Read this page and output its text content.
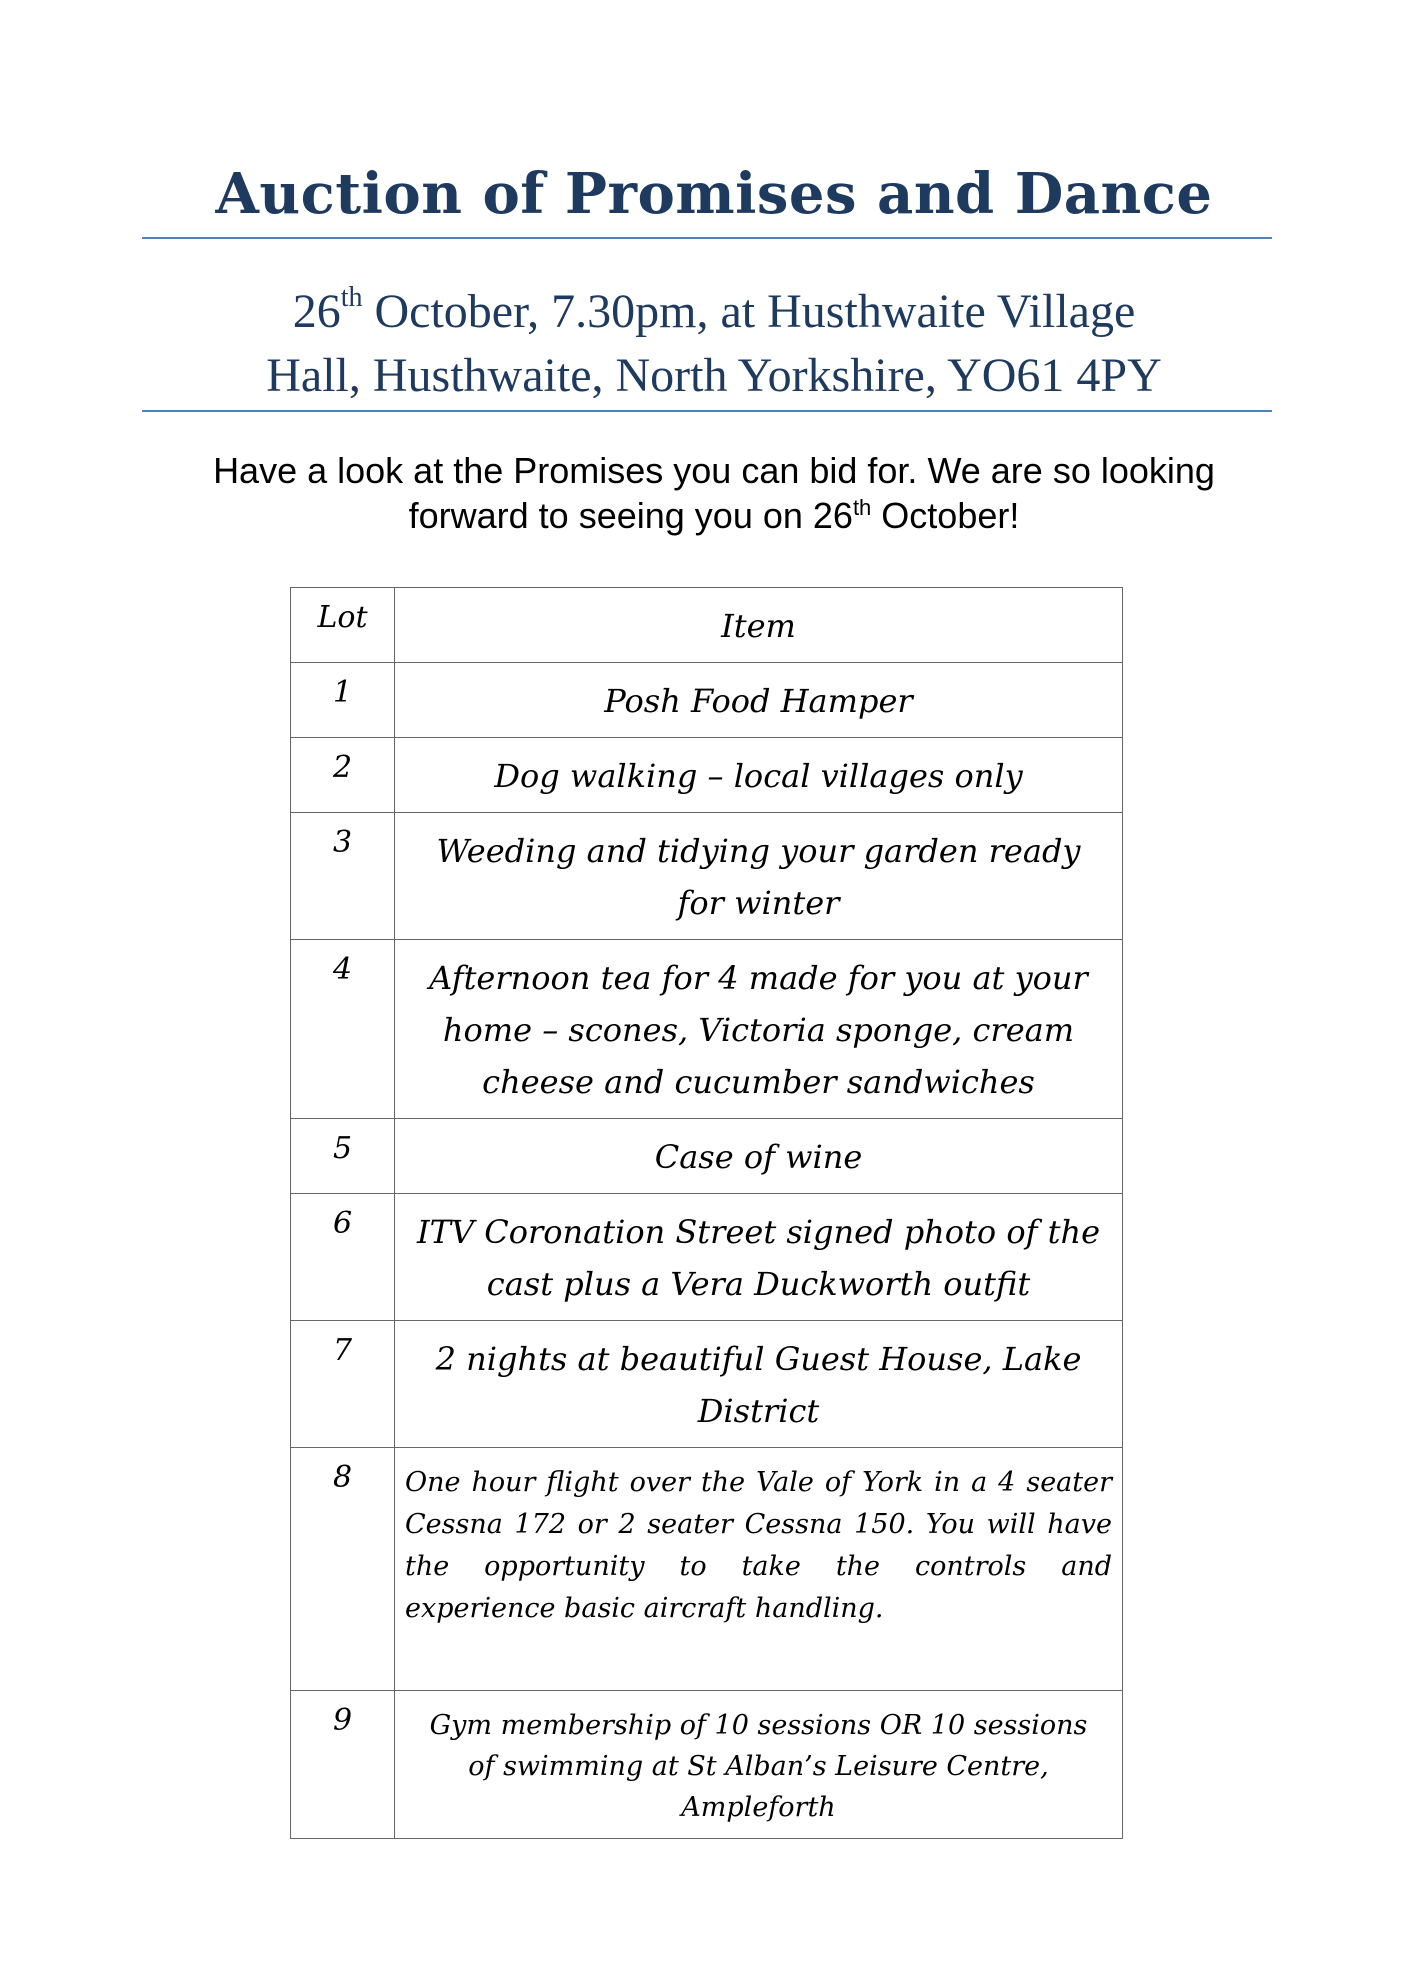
Auction of Promises and Dance
26th October, 7.30pm, at Husthwaite Village
Hall, Husthwaite, North Yorkshire, YO61 4PY
Have a look at the Promises you can bid for. We are so looking
forward to seeing you on 26th October!
Lot	Item
1	Posh Food Hamper
2	Dog walking – local villages only
3	Weeding and tidying your garden ready for winter
4	Afternoon tea for 4 made for you at your home – scones, Victoria sponge, cream cheese and cucumber sandwiches
5	Case of wine
6	ITV Coronation Street signed photo of the cast plus a Vera Duckworth outfit
7	2 nights at beautiful Guest House, Lake District
8	One hour flight over the Vale of York in a 4 seater Cessna 172 or 2 seater Cessna 150. You will have the opportunity to take the controls and experience basic aircraft handling.
9	Gym membership of 10 sessions OR 10 sessions of swimming at St Alban’s Leisure Centre, Ampleforth
